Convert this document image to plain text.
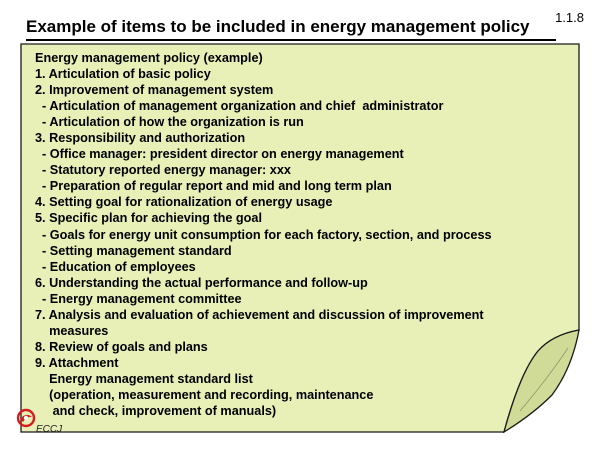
1.1.8
Example of items to be included in energy management policy
Energy management policy (example)
1. Articulation of basic policy
2. Improvement of management system
- Articulation of management organization and chief  administrator
- Articulation of how the organization is run
3. Responsibility and authorization
- Office manager: president director on energy management
- Statutory reported energy manager: xxx
- Preparation of regular report and mid and long term plan
4. Setting goal for rationalization of energy usage
5. Specific plan for achieving the goal
- Goals for energy unit consumption for each factory, section, and process
- Setting management standard
- Education of employees
6. Understanding the actual performance and follow-up
- Energy management committee
7. Analysis and evaluation of achievement and discussion of improvement
measures
8. Review of goals and plans
9. Attachment
Energy management standard list
(operation, measurement and recording, maintenance
and check, improvement of manuals)
ECCJ
